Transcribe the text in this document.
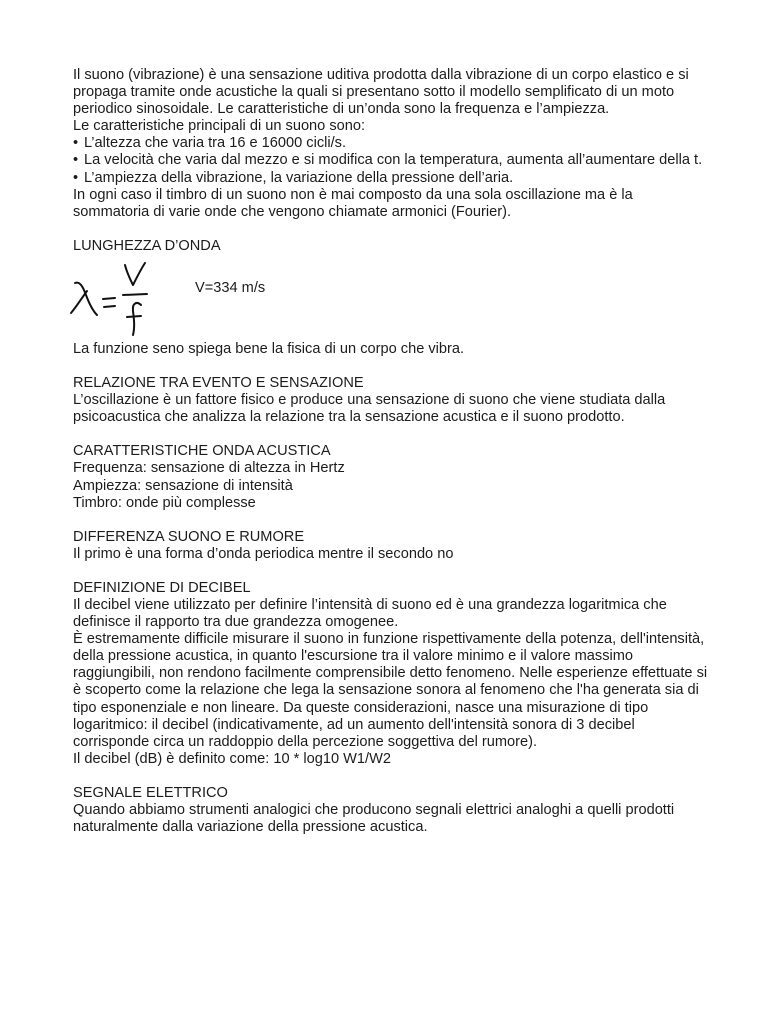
Il suono (vibrazione) è una sensazione uditiva prodotta dalla vibrazione di un corpo elastico e si propaga tramite onde acustiche la quali si presentano sotto il modello semplificato di un moto periodico sinosoidale. Le caratteristiche di un’onda sono la frequenza e l’ampiezza.

Le caratteristiche principali di un suono sono:

• L’altezza che varia tra 16 e 16000 cicli/s.
• La velocità che varia dal mezzo e si modifica con la temperatura, aumenta all’aumentare della t.
• L’ampiezza della vibrazione, la variazione della pressione dell’aria.

In ogni caso il timbro di un suono non è mai composto da una sola oscillazione ma è la sommatoria di varie onde che vengono chiamate armonici (Fourier).

LUNGHEZZA D’ONDA

V=334 m/s

La funzione seno spiega bene la fisica di un corpo che vibra.

RELAZIONE TRA EVENTO E SENSAZIONE

L’oscillazione è un fattore fisico e produce una sensazione di suono che viene studiata dalla psicoacustica che analizza la relazione tra la sensazione acustica e il suono prodotto.

CARATTERISTICHE ONDA ACUSTICA

Frequenza: sensazione di altezza in Hertz

Ampiezza: sensazione di intensità

Timbro: onde più complesse

DIFFERENZA SUONO E RUMORE

Il primo è una forma d’onda periodica mentre il secondo no

DEFINIZIONE DI DECIBEL

Il decibel viene utilizzato per definire l’intensità di suono ed è una grandezza logaritmica che definisce il rapporto tra due grandezza omogenee.

È estremamente difficile misurare il suono in funzione rispettivamente della potenza, dell'intensità, della pressione acustica, in quanto l'escursione tra il valore minimo e il valore massimo raggiungibili, non rendono facilmente comprensibile detto fenomeno. Nelle esperienze effettuate si è scoperto come la relazione che lega la sensazione sonora al fenomeno che l'ha generata sia di tipo esponenziale e non lineare. Da queste considerazioni, nasce una misurazione di tipo logaritmico: il decibel (indicativamente, ad un aumento dell'intensità sonora di 3 decibel corrisponde circa un raddoppio della percezione soggettiva del rumore).

Il decibel (dB) è definito come: 10 * log10 W1/W2

SEGNALE ELETTRICO

Quando abbiamo strumenti analogici che producono segnali elettrici analoghi a quelli prodotti naturalmente dalla variazione della pressione acustica.
